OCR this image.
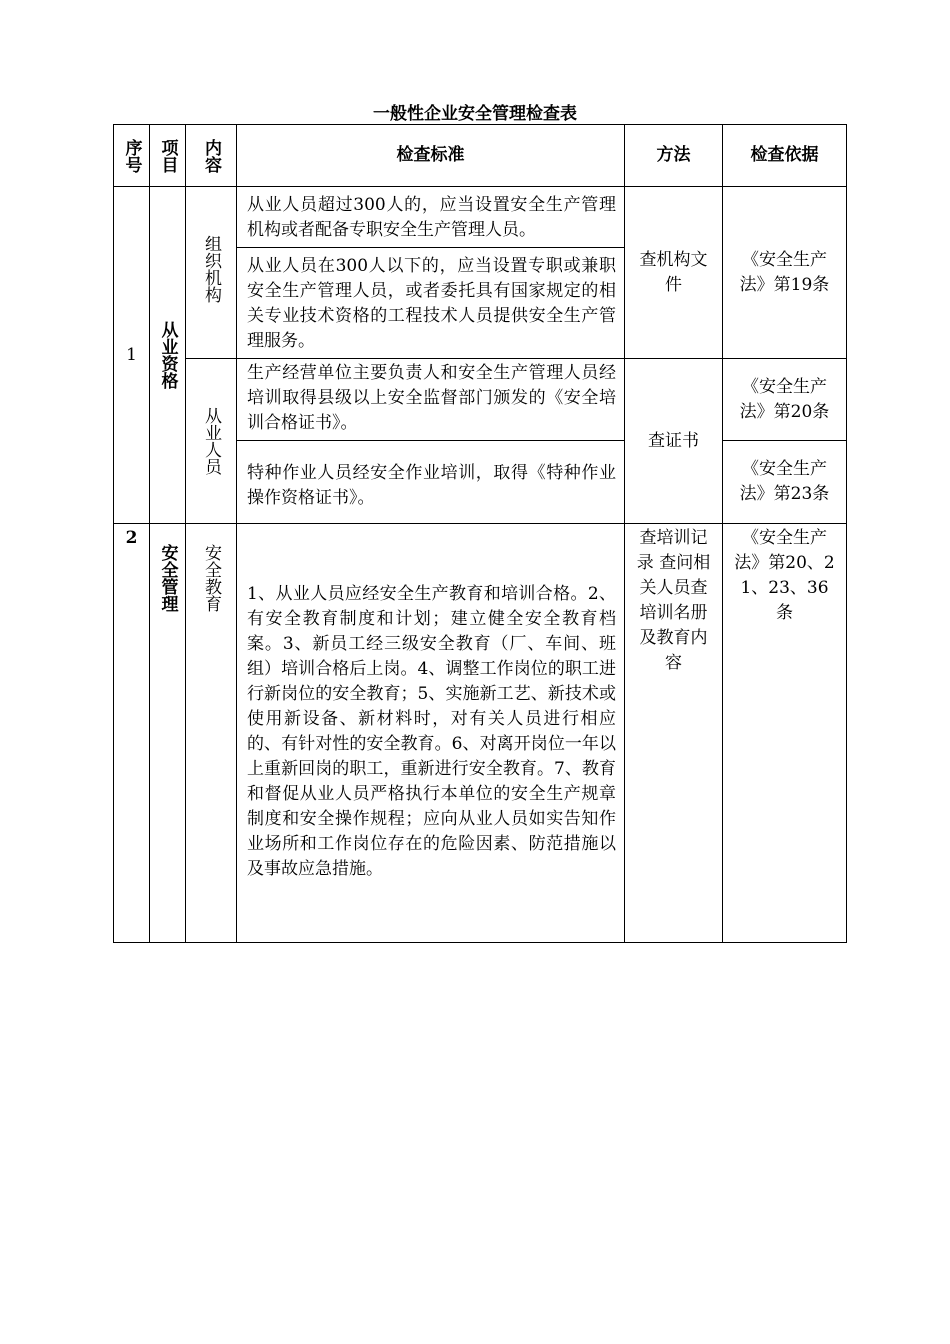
一般性企业安全管理检查表
序号	项目	内容	检查标准	方法	检查依据
1	从业资格	组织机构	从业人员超过300人的，应当设置安全生产管理机构或者配备专职安全生产管理人员。	查机构文件	《安全生产法》第19条
			从业人员在300人以下的，应当设置专职或兼职安全生产管理人员，或者委托具有国家规定的相关专业技术资格的工程技术人员提供安全生产管理服务。		

		从业人员	生产经营单位主要负责人和安全生产管理人员经培训取得县级以上安全监督部门颁发的《安全培训合格证书》。	查证书	《安全生产法》第20条
			特种作业人员经安全作业培训，取得《特种作业操作资格证书》。		《安全生产法》第23条
2	安全管理	安全教育	1、从业人员应经安全生产教育和培训合格。2、有安全教育制度和计划；建立健全安全教育档案。3、新员工经三级安全教育（厂、车间、班组）培训合格后上岗。4、调整工作岗位的职工进行新岗位的安全教育；5、实施新工艺、新技术或使用新设备、新材料时，对有关人员进行相应的、有针对性的安全教育。6、对离开岗位一年以上重新回岗的职工，重新进行安全教育。7、教育和督促从业人员严格执行本单位的安全生产规章制度和安全操作规程；应向从业人员如实告知作业场所和工作岗位存在的危险因素、防范措施以及事故应急措施。	查培训记录 查问相关人员查培训名册及教育内容	《安全生产法》第20、21、23、36条
